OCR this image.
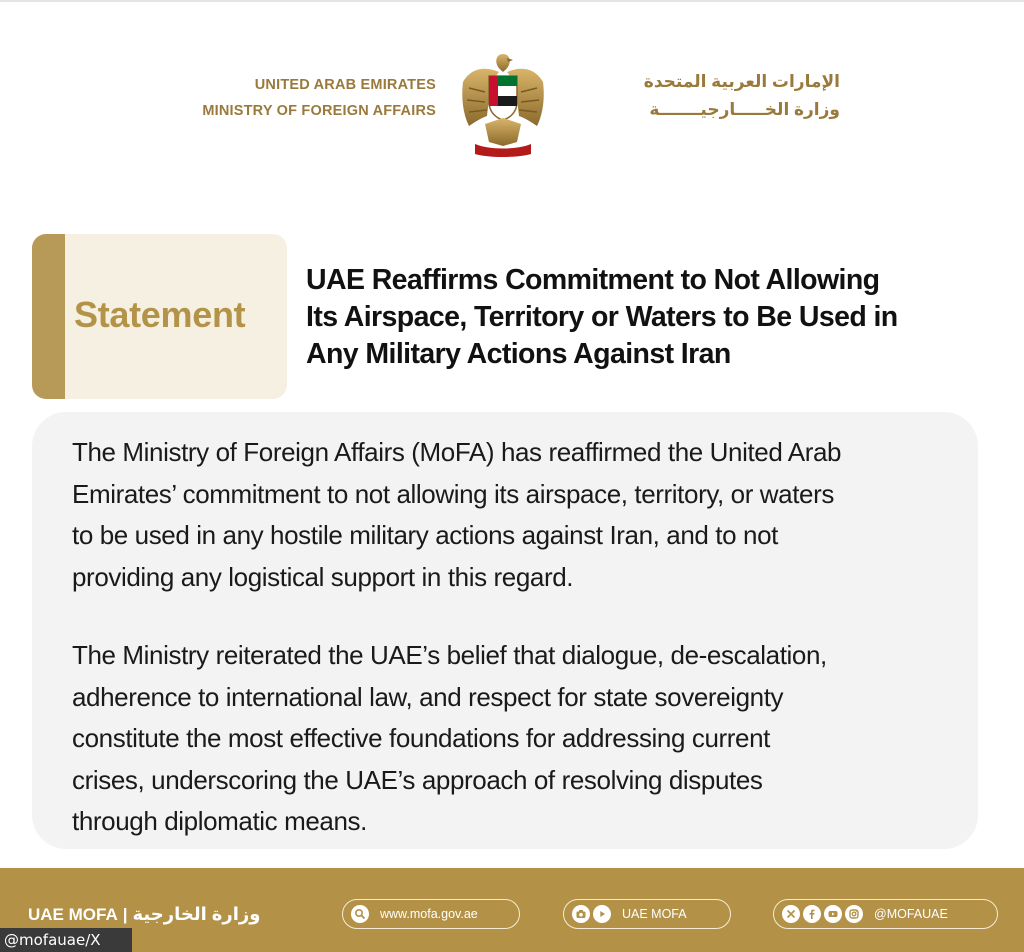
UNITED ARAB EMIRATES
MINISTRY OF FOREIGN AFFAIRS
الإمارات العربية المتحدة
وزارة الخـــــارجيـــــــة
Statement
UAE Reaffirms Commitment to Not Allowing
Its Airspace, Territory or Waters to Be Used in
Any Military Actions Against Iran
The Ministry of Foreign Affairs (MoFA) has reaffirmed the United Arab
Emirates’ commitment to not allowing its airspace, territory, or waters
to be used in any hostile military actions against Iran, and to not
providing any logistical support in this regard.
The Ministry reiterated the UAE’s belief that dialogue, de-escalation,
adherence to international law, and respect for state sovereignty
constitute the most effective foundations for addressing current
crises, underscoring the UAE’s approach of resolving disputes
through diplomatic means.
UAE MOFA | وزارة الخارجية	www.mofa.gov.ae	UAE MOFA	@MOFAUAE
@mofauae/X
